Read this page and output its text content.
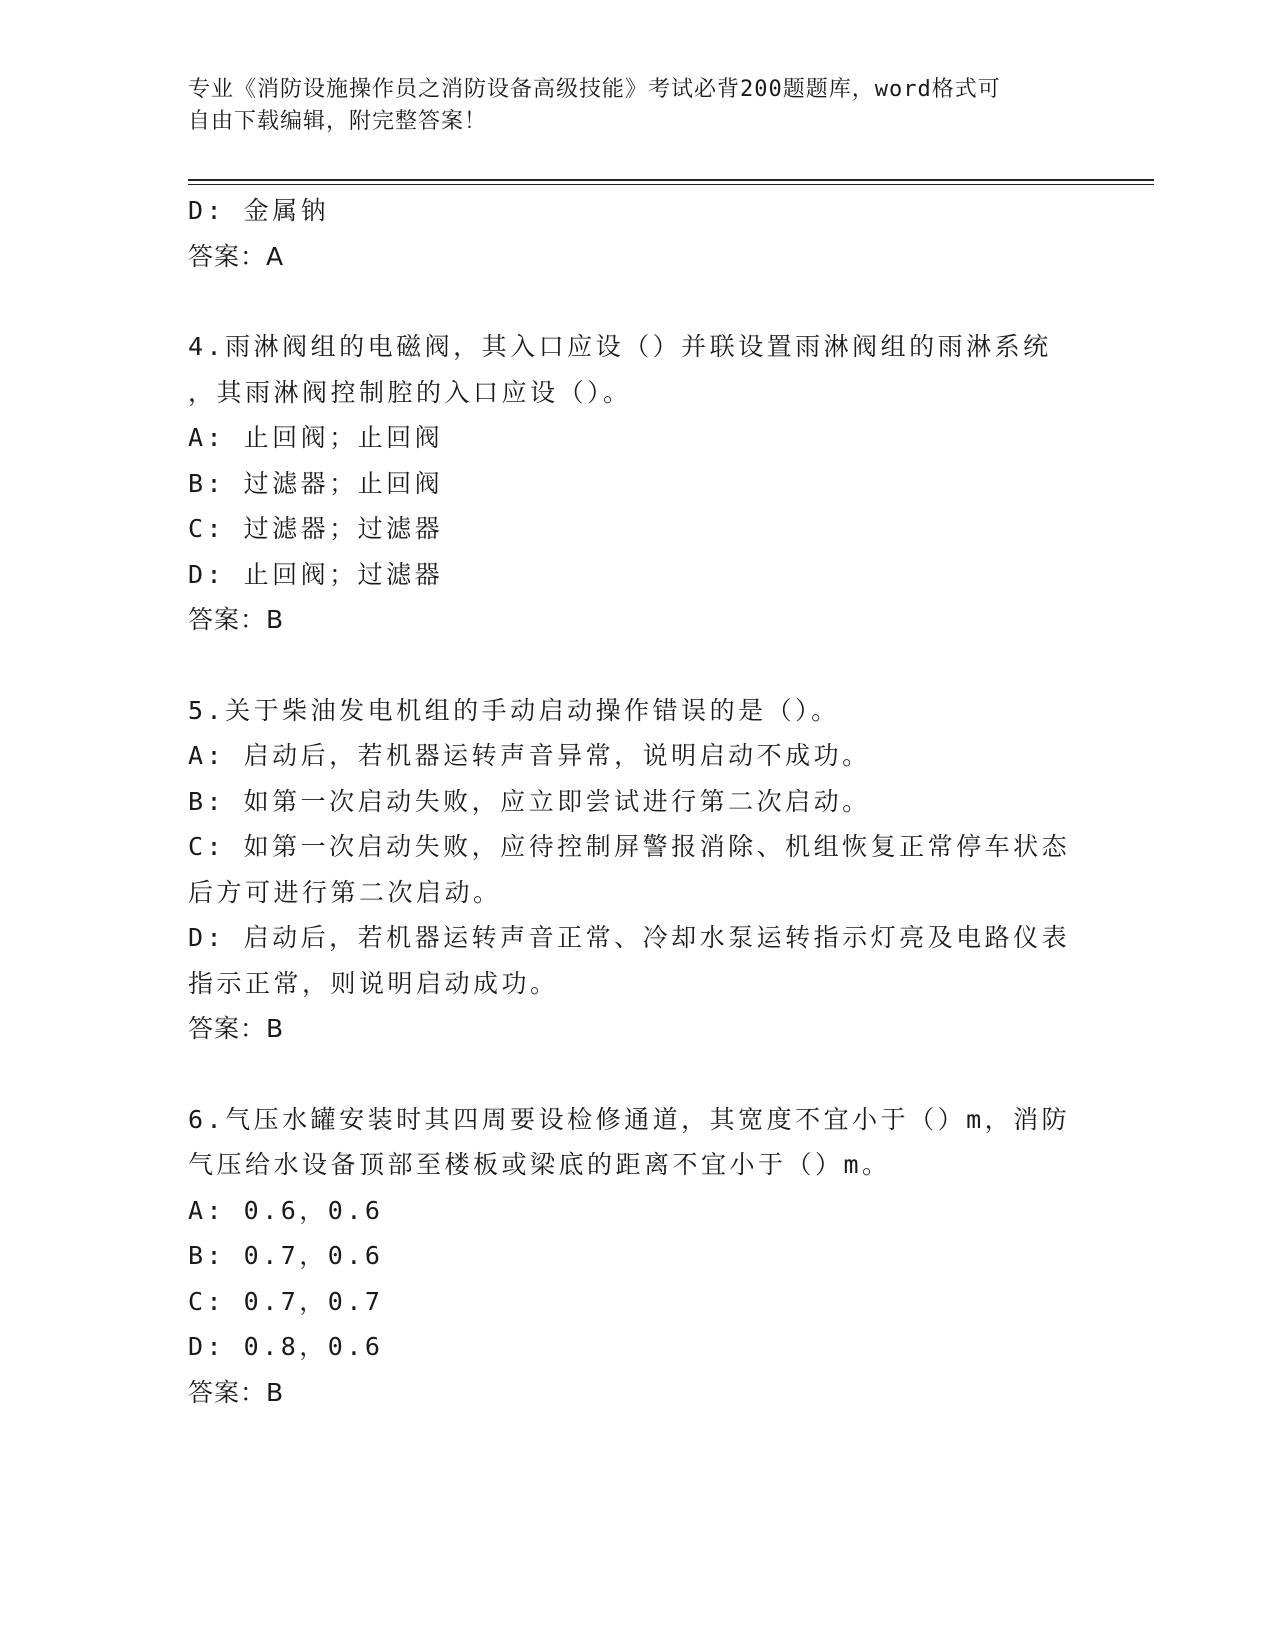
专业《消防设施操作员之消防设备高级技能》考试必背200题题库，word格式可
自由下载编辑，附完整答案！
D: 金属钠
答案：A
4.雨淋阀组的电磁阀，其入口应设（）并联设置雨淋阀组的雨淋系统
，其雨淋阀控制腔的入口应设（）。
A: 止回阀；止回阀
B: 过滤器；止回阀
C: 过滤器；过滤器
D: 止回阀；过滤器
答案：B
5.关于柴油发电机组的手动启动操作错误的是（）。
A: 启动后，若机器运转声音异常，说明启动不成功。
B: 如第一次启动失败，应立即尝试进行第二次启动。
C: 如第一次启动失败，应待控制屏警报消除、机组恢复正常停车状态
后方可进行第二次启动。
D: 启动后，若机器运转声音正常、冷却水泵运转指示灯亮及电路仪表
指示正常，则说明启动成功。
答案：B
6.气压水罐安装时其四周要设检修通道，其宽度不宜小于（）m，消防
气压给水设备顶部至楼板或梁底的距离不宜小于（）m。
A: 0.6，0.6
B: 0.7，0.6
C: 0.7，0.7
D: 0.8，0.6
答案：B
